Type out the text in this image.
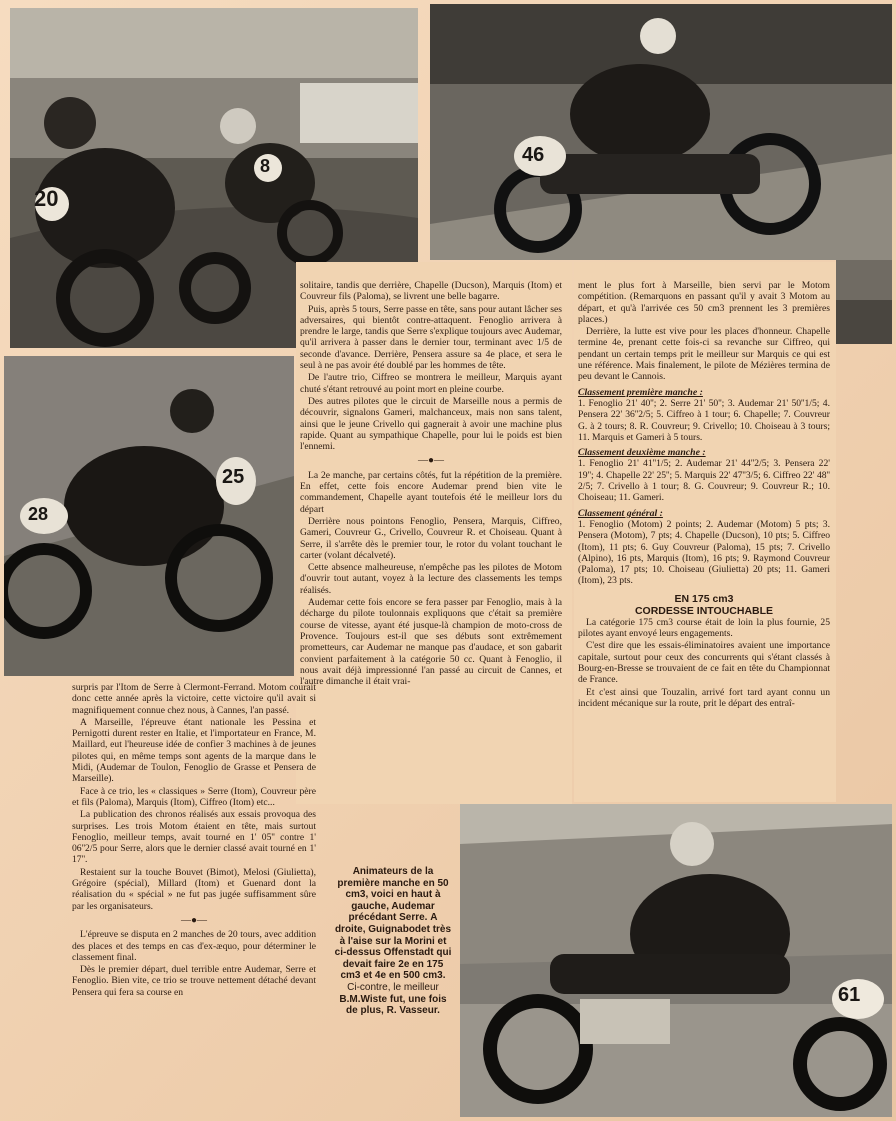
20
8	46
25
28
61

solitaire, tandis que derrière, Chapelle (Ducson), Marquis (Itom) et Couvreur fils (Paloma), se livrent une belle bagarre.

Puis, après 5 tours, Serre passe en tête, sans pour autant lâcher ses adversaires, qui bientôt contre-attaquent. Fenoglio arrivera à prendre le large, tandis que Serre s'explique toujours avec Audemar, qu'il arrivera à passer dans le dernier tour, terminant avec 1/5 de seconde d'avance. Derrière, Pensera assure sa 4e place, et sera le seul à ne pas avoir été doublé par les hommes de tête.

De l'autre trio, Ciffreo se montrera le meilleur, Marquis ayant chuté s'étant retrouvé au point mort en pleine courbe.

Des autres pilotes que le circuit de Marseille nous a permis de découvrir, signalons Gameri, malchanceux, mais non sans talent, ainsi que le jeune Crivello qui gagnerait à avoir une machine plus rapide. Quant au sympathique Chapelle, pour lui le poids est bien l'ennemi.

—●—

La 2e manche, par certains côtés, fut la répétition de la première. En effet, cette fois encore Audemar prend bien vite le commandement, Chapelle ayant toutefois été le meilleur lors du départ

Derrière nous pointons Fenoglio, Pensera, Marquis, Ciffreo, Gameri, Couvreur G., Crivello, Couvreur R. et Choiseau. Quant à Serre, il s'arrête dès le premier tour, le rotor du volant touchant le carter (volant décalveté).

Cette absence malheureuse, n'empêche pas les pilotes de Motom d'ouvrir tout autant, voyez à la lecture des classements les temps réalisés.

Audemar cette fois encore se fera passer par Fenoglio, mais à la décharge du pilote toulonnais expliquons que c'était sa première course de vitesse, ayant été jusque-là champion de moto-cross de Provence. Toujours est-il que ses débuts sont extrêmement prometteurs, car Audemar ne manque pas d'audace, et son gabarit convient parfaitement à la catégorie 50 cc. Quant à Fenoglio, il nous avait déjà impressionné l'an passé au circuit de Cannes, et l'autre dimanche il était vrai-

ment le plus fort à Marseille, bien servi par le Motom compétition. (Remarquons en passant qu'il y avait 3 Motom au départ, et qu'à l'arrivée ces 50 cm3 prennent les 3 premières places.)

Derrière, la lutte est vive pour les places d'honneur. Chapelle termine 4e, prenant cette fois-ci sa revanche sur Ciffreo, qui pendant un certain temps prit le meilleur sur Marquis ce qui est une référence. Mais finalement, le pilote de Mézières termina de peu devant le Cannois.

Classement première manche :

1. Fenoglio 21' 40''; 2. Serre 21' 50''; 3. Audemar 21' 50''1/5; 4. Pensera 22' 36''2/5; 5. Ciffreo à 1 tour; 6. Chapelle; 7. Couvreur G. à 2 tours; 8. R. Couvreur; 9. Crivello; 10. Choiseau à 3 tours; 11. Marquis et Gameri à 5 tours.

Classement deuxième manche :

1. Fenoglio 21' 41''1/5; 2. Audemar 21' 44''2/5; 3. Pensera 22' 19''; 4. Chapelle 22' 25''; 5. Marquis 22' 47''3/5; 6. Ciffreo 22' 48'' 2/5; 7. Crivello à 1 tour; 8. G. Couvreur; 9. Couvreur R.; 10. Choiseau; 11. Gameri.

Classement général :

1. Fenoglio (Motom) 2 points; 2. Audemar (Motom) 5 pts; 3. Pensera (Motom), 7 pts; 4. Chapelle (Ducson), 10 pts; 5. Ciffreo (Itom), 11 pts; 6. Guy Couvreur (Paloma), 15 pts; 7. Crivello (Alpino), 16 pts, Marquis (Itom), 16 pts; 9. Raymond Couvreur (Paloma), 17 pts; 10. Choiseau (Giulietta) 20 pts; 11. Gameri (Itom), 23 pts.

EN 175 cm3
CORDESSE INTOUCHABLE

La catégorie 175 cm3 course était de loin la plus fournie, 25 pilotes ayant envoyé leurs engagements.

C'est dire que les essais-éliminatoires avaient une importance capitale, surtout pour ceux des concurrents qui s'étant classés à Bourg-en-Bresse se trouvaient de ce fait en tête du Championnat de France.

Et c'est ainsi que Touzalin, arrivé fort tard ayant connu un incident mécanique sur la route, prit le départ des entraî-

surpris par l'Itom de Serre à Clermont-Ferrand. Motom courait donc cette année après la victoire, cette victoire qu'il avait si magnifiquement connue chez nous, à Cannes, l'an passé.

A Marseille, l'épreuve étant nationale les Pessina et Pernigotti durent rester en Italie, et l'importateur en France, M. Maillard, eut l'heureuse idée de confier 3 machines à de jeunes pilotes qui, en même temps sont agents de la marque dans le Midi, (Audemar de Toulon, Fenoglio de Grasse et Pensera de Marseille).

Face à ce trio, les « classiques » Serre (Itom), Couvreur père et fils (Paloma), Marquis (Itom), Ciffreo (Itom) etc...

La publication des chronos réalisés aux essais provoqua des surprises. Les trois Motom étaient en tête, mais surtout Fenoglio, meilleur temps, avait tourné en 1' 05'' contre 1' 06''2/5 pour Serre, alors que le dernier classé avait tourné en 1' 17''.

Restaient sur la touche Bouvet (Bimot), Melosi (Giulietta), Grégoire (spécial), Millard (Itom) et Guenard dont la réalisation du « spécial » ne fut pas jugée suffisamment sûre par les organisateurs.

—●—

L'épreuve se disputa en 2 manches de 20 tours, avec addition des places et des temps en cas d'ex-æquo, pour déterminer le classement final.

Dès le premier départ, duel terrible entre Audemar, Serre et Fenoglio. Bien vite, ce trio se trouve nettement détaché devant Pensera qui fera sa course en

Animateurs de la première manche en 50 cm3, voici en haut à gauche, Audemar précédant Serre. A droite, Guignabodet très à l'aise sur la Morini et ci-dessus Offenstadt qui devait faire 2e en 175 cm3 et 4e en 500 cm3. Ci-contre, le meilleur B.M.Wiste fut, une fois de plus, R. Vasseur.
